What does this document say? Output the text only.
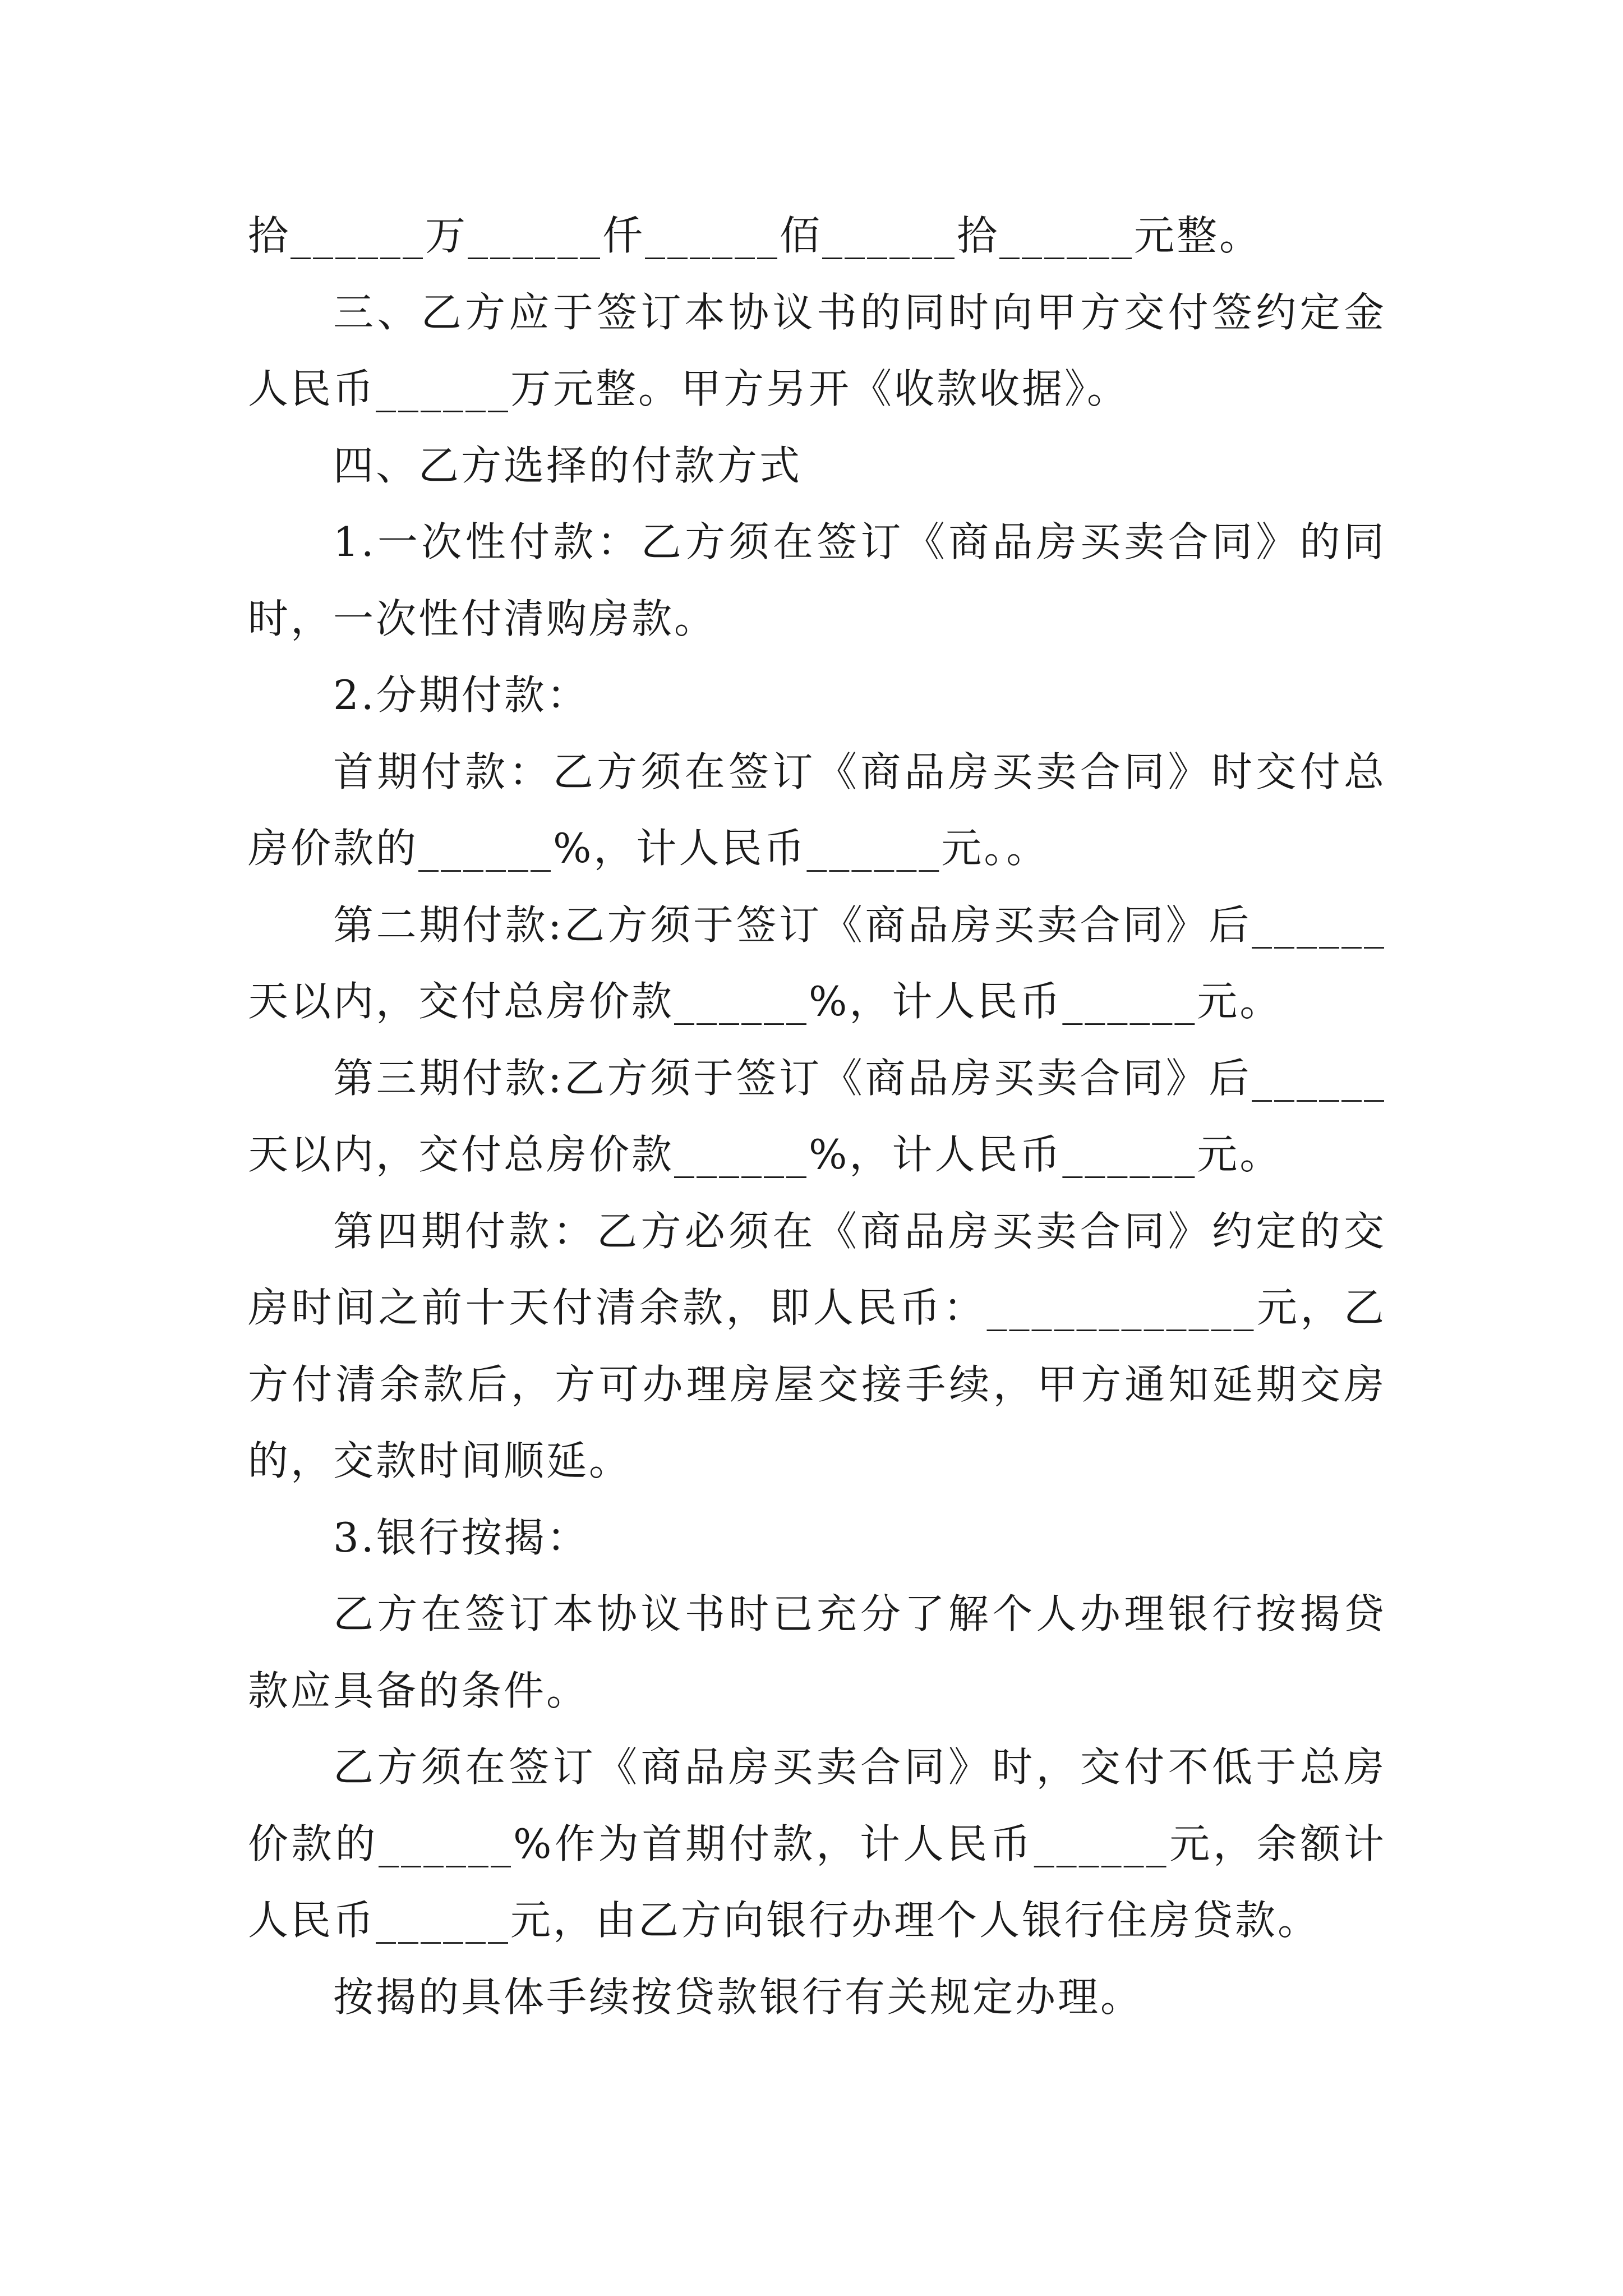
拾______万______仟______佰______拾______元整。

三、乙方应于签订本协议书的同时向甲方交付签约定金人民币______万元整。甲方另开《收款收据》。

四、乙方选择的付款方式

1.一次性付款：乙方须在签订《商品房买卖合同》的同时，一次性付清购房款。

2.分期付款：

首期付款：乙方须在签订《商品房买卖合同》时交付总房价款的______%，计人民币______元。。

第二期付款:乙方须于签订《商品房买卖合同》后______天以内，交付总房价款______%，计人民币______元。

第三期付款:乙方须于签订《商品房买卖合同》后______天以内，交付总房价款______%，计人民币______元。

第四期付款：乙方必须在《商品房买卖合同》约定的交房时间之前十天付清余款，即人民币：____________元，乙方付清余款后，方可办理房屋交接手续，甲方通知延期交房的，交款时间顺延。

3.银行按揭：

乙方在签订本协议书时已充分了解个人办理银行按揭贷款应具备的条件。

乙方须在签订《商品房买卖合同》时，交付不低于总房价款的______%作为首期付款，计人民币______元，余额计人民币______元，由乙方向银行办理个人银行住房贷款。

按揭的具体手续按贷款银行有关规定办理。
